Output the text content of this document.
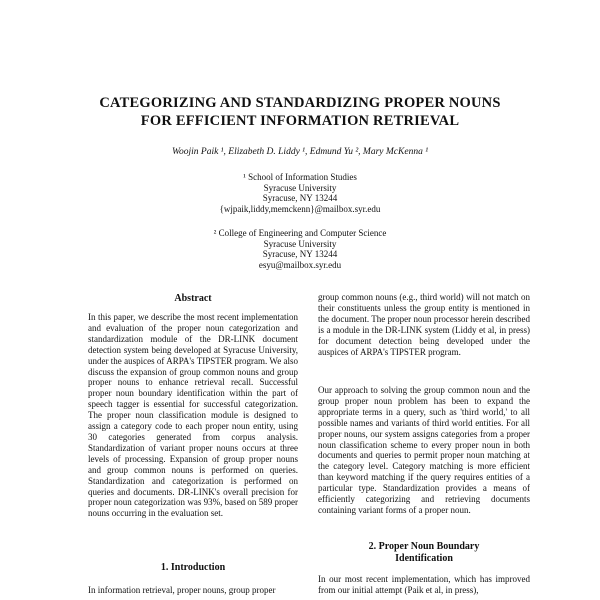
CATEGORIZING AND STANDARDIZING PROPER NOUNS
FOR EFFICIENT INFORMATION RETRIEVAL
Woojin Paik ¹, Elizabeth D. Liddy ¹, Edmund Yu ², Mary McKenna ¹
¹ School of Information Studies
Syracuse University
Syracuse, NY 13244
{wjpaik,liddy,memckenn}@mailbox.syr.edu
² College of Engineering and Computer Science
Syracuse University
Syracuse, NY 13244
esyu@mailbox.syr.edu
Abstract

In this paper, we describe the most recent implementation and evaluation of the proper noun categorization and standardization module of the DR-LINK document detection system being developed at Syracuse University, under the auspices of ARPA's TIPSTER program. We also discuss the expansion of group common nouns and group proper nouns to enhance retrieval recall. Successful proper noun boundary identification within the part of speech tagger is essential for successful categorization. The proper noun classification module is designed to assign a category code to each proper noun entity, using 30 categories generated from corpus analysis. Standardization of variant proper nouns occurs at three levels of processing. Expansion of group proper nouns and group common nouns is performed on queries. Standardization and categorization is performed on queries and documents. DR-LINK's overall precision for proper noun categorization was 93%, based on 589 proper nouns occurring in the evaluation set.

1. Introduction

In information retrieval, proper nouns, group proper

group common nouns (e.g., third world) will not match on their constituents unless the group entity is mentioned in the document. The proper noun processor herein described is a module in the DR-LINK system (Liddy et al, in press) for document detection being developed under the auspices of ARPA's TIPSTER program.

Our approach to solving the group common noun and the group proper noun problem has been to expand the appropriate terms in a query, such as 'third world,' to all possible names and variants of third world entities. For all proper nouns, our system assigns categories from a proper noun classification scheme to every proper noun in both documents and queries to permit proper noun matching at the category level. Category matching is more efficient than keyword matching if the query requires entities of a particular type. Standardization provides a means of efficiently categorizing and retrieving documents containing variant forms of a proper noun.

2. Proper Noun Boundary
Identification

In our most recent implementation, which has improved from our initial attempt (Paik et al, in press),
